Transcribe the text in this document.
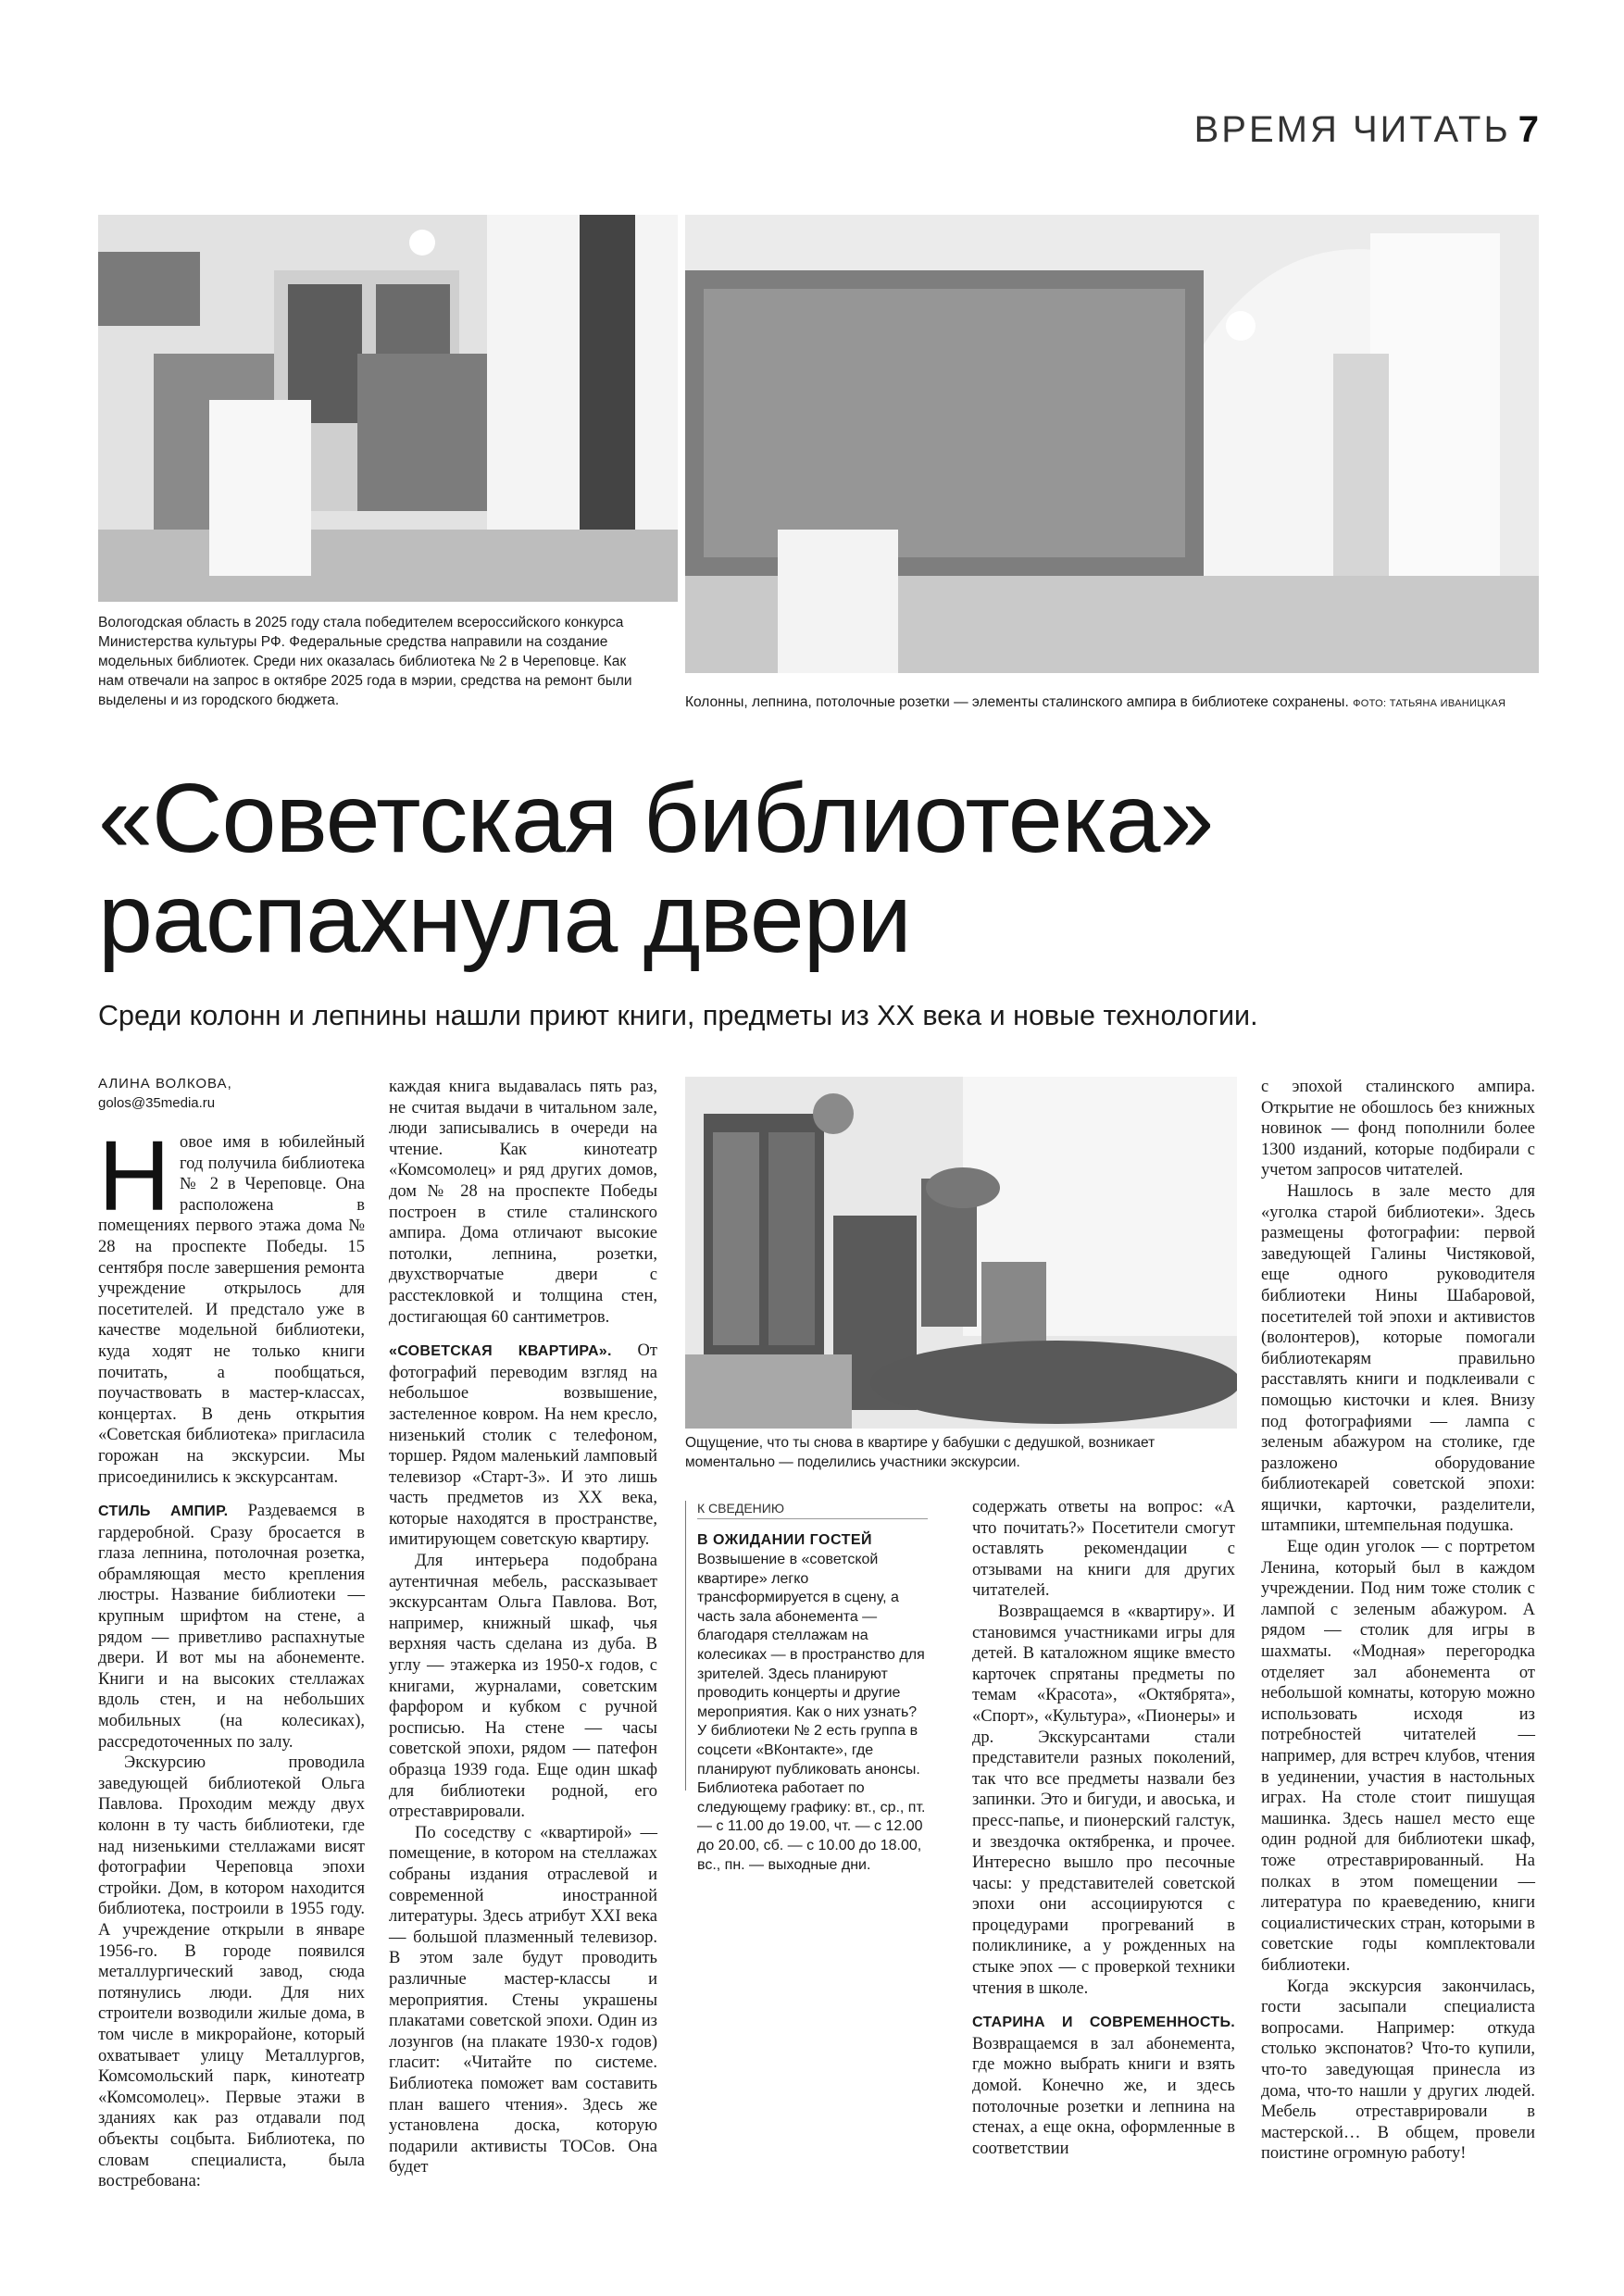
ВРЕМЯ ЧИТАТЬ 7
Вологодская область в 2025 году стала победителем всероссийского конкурса Министерства культуры РФ. Федеральные средства направили на создание модельных библиотек. Среди них оказалась библиотека № 2 в Череповце. Как нам отвечали на запрос в октябре 2025 года в мэрии, средства на ремонт были выделены и из городского бюджета.	Колонны, лепнина, потолочные розетки — элементы сталинского ампира в библиотеке сохранены. ФОТО: ТАТЬЯНА ИВАНИЦКАЯ
«Советская библиотека» распахнула двери
Среди колонн и лепнины нашли приют книги, предметы из XX века и новые технологии.
АЛИНА ВОЛКОВА,
golos@35media.ru

Новое имя в юбилейный год получила библиотека № 2 в Череповце. Она расположена в помещениях первого этажа дома № 28 на проспекте Победы. 15 сентября после завершения ремонта учреждение открылось для посетителей. И предстало уже в качестве модельной библиотеки, куда ходят не только книги почитать, а пообщаться, поучаствовать в мастер-классах, концертах. В день открытия «Советская библиотека» пригласила горожан на экскурсии. Мы присоединились к экскурсантам.

СТИЛЬ АМПИР. Раздеваемся в гардеробной. Сразу бросается в глаза лепнина, потолочная розетка, обрамляющая место крепления люстры. Название библиотеки — крупным шрифтом на стене, а рядом — приветливо распахнутые двери. И вот мы на абонементе. Книги и на высоких стеллажах вдоль стен, и на небольших мобильных (на колесиках), рассредоточенных по залу.

Экскурсию проводила заведующей библиотекой Ольга Павлова. Проходим между двух колонн в ту часть библиотеки, где над низенькими стеллажами висят фотографии Череповца эпохи стройки. Дом, в котором находится библиотека, построили в 1955 году. А учреждение открыли в январе 1956-го. В городе появился металлургический завод, сюда потянулись люди. Для них строители возводили жилые дома, в том числе в микрорайоне, который охватывает улицу Металлургов, Комсомольский парк, кинотеатр «Комсомолец». Первые этажи в зданиях как раз отдавали под объекты соцбыта. Библиотека, по словам специалиста, была востребована:

каждая книга выдавалась пять раз, не считая выдачи в читальном зале, люди записывались в очереди на чтение. Как кинотеатр «Комсомолец» и ряд других домов, дом № 28 на проспекте Победы построен в стиле сталинского ампира. Дома отличают высокие потолки, лепнина, розетки, двухстворчатые двери с расстекловкой и толщина стен, достигающая 60 сантиметров.

«СОВЕТСКАЯ КВАРТИРА». От фотографий переводим взгляд на небольшое возвышение, застеленное ковром. На нем кресло, низенький столик с телефоном, торшер. Рядом маленький ламповый телевизор «Старт-3». И это лишь часть предметов из XX века, которые находятся в пространстве, имитирующем советскую квартиру.

Для интерьера подобрана аутентичная мебель, рассказывает экскурсантам Ольга Павлова. Вот, например, книжный шкаф, чья верхняя часть сделана из дуба. В углу — этажерка из 1950-х годов, с книгами, журналами, советским фарфором и кубком с ручной росписью. На стене — часы советской эпохи, рядом — патефон образца 1939 года. Еще один шкаф для библиотеки родной, его отреставрировали.

По соседству с «квартирой» — помещение, в котором на стеллажах собраны издания отраслевой и современной иностранной литературы. Здесь атрибут XXI века — большой плазменный телевизор. В этом зале будут проводить различные мастер-классы и мероприятия. Стены украшены плакатами советской эпохи. Один из лозунгов (на плакате 1930-х годов) гласит: «Читайте по системе. Библиотека поможет вам составить план вашего чтения». Здесь же установлена доска, которую подарили активисты ТОСов. Она будет

Ощущение, что ты снова в квартире у бабушки с дедушкой, возникает моментально — поделились участники экскурсии.
К СВЕДЕНИЮ
В ОЖИДАНИИ ГОСТЕЙ
Возвышение в «советской квартире» легко трансформируется в сцену, а часть зала абонемента — благодаря стеллажам на колесиках — в пространство для зрителей. Здесь планируют проводить концерты и другие мероприятия. Как о них узнать? У библиотеки № 2 есть группа в соцсети «ВКонтакте», где планируют публиковать анонсы.
Библиотека работает по следующему графику: вт., ср., пт. — с 11.00 до 19.00, чт. — с 12.00 до 20.00, сб. — с 10.00 до 18.00, вс., пн. — выходные дни.

содержать ответы на вопрос: «А что почитать?» Посетители смогут оставлять рекомендации с отзывами на книги для других читателей.

Возвращаемся в «квартиру». И становимся участниками игры для детей. В каталожном ящике вместо карточек спрятаны предметы по темам «Красота», «Октябрята», «Спорт», «Культура», «Пионеры» и др. Экскурсантами стали представители разных поколений, так что все предметы назвали без запинки. Это и бигуди, и авоська, и пресс-папье, и пионерский галстук, и звездочка октябренка, и прочее. Интересно вышло про песочные часы: у представителей советской эпохи они ассоциируются с процедурами прогреваний в поликлинике, а у рожденных на стыке эпох — с проверкой техники чтения в школе.

СТАРИНА И СОВРЕМЕННОСТЬ. Возвращаемся в зал абонемента, где можно выбрать книги и взять домой. Конечно же, и здесь потолочные розетки и лепнина на стенах, а еще окна, оформленные в соответствии

с эпохой сталинского ампира. Открытие не обошлось без книжных новинок — фонд пополнили более 1300 изданий, которые подбирали с учетом запросов читателей.

Нашлось в зале место для «уголка старой библиотеки». Здесь размещены фотографии: первой заведующей Галины Чистяковой, еще одного руководителя библиотеки Нины Шабаровой, посетителей той эпохи и активистов (волонтеров), которые помогали библиотекарям правильно расставлять книги и подклеивали с помощью кисточки и клея. Внизу под фотографиями — лампа с зеленым абажуром на столике, где разложено оборудование библиотекарей советской эпохи: ящички, карточки, разделители, штампики, штемпельная подушка.

Еще один уголок — с портретом Ленина, который был в каждом учреждении. Под ним тоже столик с лампой с зеленым абажуром. А рядом — столик для игры в шахматы. «Модная» перегородка отделяет зал абонемента от небольшой комнаты, которую можно использовать исходя из потребностей читателей — например, для встреч клубов, чтения в уединении, участия в настольных играх. На столе стоит пишущая машинка. Здесь нашел место еще один родной для библиотеки шкаф, тоже отреставрированный. На полках в этом помещении — литература по краеведению, книги социалистических стран, которыми в советские годы комплектовали библиотеки.

Когда экскурсия закончилась, гости засыпали специалиста вопросами. Например: откуда столько экспонатов? Что-то купили, что-то заведующая принесла из дома, что-то нашли у других людей. Мебель отреставрировали в мастерской… В общем, провели поистине огромную работу!
